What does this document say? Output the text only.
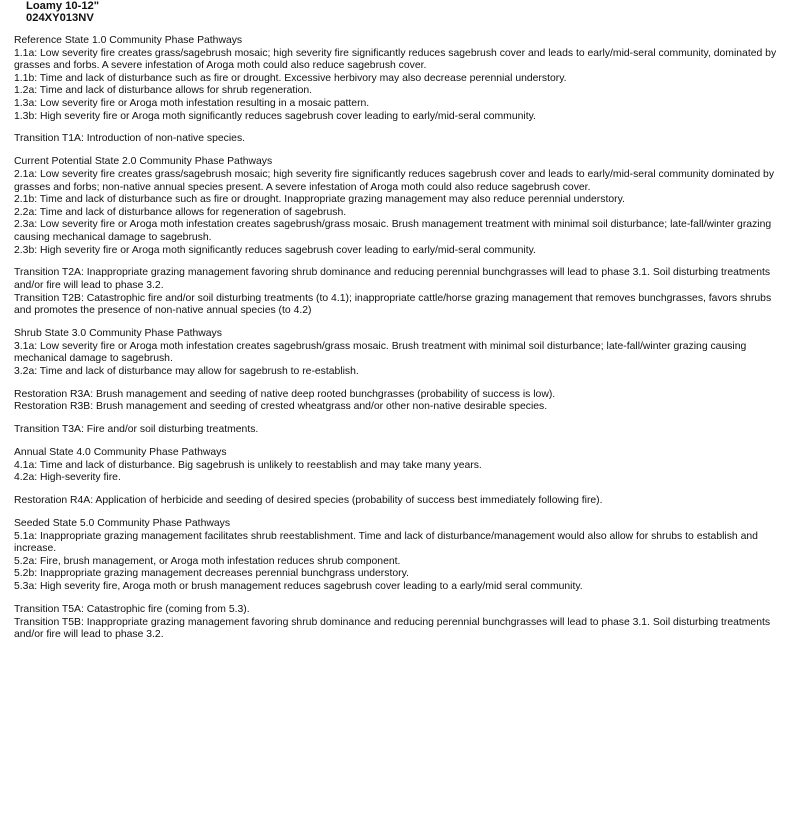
Loamy 10-12"
024XY013NV

Reference State 1.0 Community Phase Pathways

1.1a: Low severity fire creates grass/sagebrush mosaic; high severity fire significantly reduces sagebrush cover and leads to early/mid-seral community, dominated by grasses and forbs. A severe infestation of Aroga moth could also reduce sagebrush cover.

1.1b: Time and lack of disturbance such as fire or drought. Excessive herbivory may also decrease perennial understory.

1.2a: Time and lack of disturbance allows for shrub regeneration.

1.3a: Low severity fire or Aroga moth infestation resulting in a mosaic pattern.

1.3b: High severity fire or Aroga moth significantly reduces sagebrush cover leading to early/mid-seral community.

Transition T1A: Introduction of non-native species.

Current Potential State 2.0 Community Phase Pathways

2.1a: Low severity fire creates grass/sagebrush mosaic; high severity fire significantly reduces sagebrush cover and leads to early/mid-seral community dominated by grasses and forbs; non-native annual species present. A severe infestation of Aroga moth could also reduce sagebrush cover.

2.1b: Time and lack of disturbance such as fire or drought. Inappropriate grazing management may also reduce perennial understory.

2.2a: Time and lack of disturbance allows for regeneration of sagebrush.

2.3a: Low severity fire or Aroga moth infestation creates sagebrush/grass mosaic. Brush management treatment with minimal soil disturbance; late-fall/winter grazing causing mechanical damage to sagebrush.

2.3b: High severity fire or Aroga moth significantly reduces sagebrush cover leading to early/mid-seral community.

Transition T2A: Inappropriate grazing management favoring shrub dominance and reducing perennial bunchgrasses will lead to phase 3.1. Soil disturbing treatments and/or fire will lead to phase 3.2.

Transition T2B: Catastrophic fire and/or soil disturbing treatments (to 4.1); inappropriate cattle/horse grazing management that removes bunchgrasses, favors shrubs and promotes the presence of non-native annual species (to 4.2)

Shrub State 3.0 Community Phase Pathways

3.1a: Low severity fire or Aroga moth infestation creates sagebrush/grass mosaic. Brush treatment with minimal soil disturbance; late-fall/winter grazing causing mechanical damage to sagebrush.

3.2a: Time and lack of disturbance may allow for sagebrush to re-establish.

Restoration R3A: Brush management and seeding of native deep rooted bunchgrasses (probability of success is low).

Restoration R3B: Brush management and seeding of crested wheatgrass and/or other non-native desirable species.

Transition T3A: Fire and/or soil disturbing treatments.

Annual State 4.0 Community Phase Pathways

4.1a: Time and lack of disturbance. Big sagebrush is unlikely to reestablish and may take many years.

4.2a: High-severity fire.

Restoration R4A: Application of herbicide and seeding of desired species (probability of success best immediately following fire).

Seeded State 5.0 Community Phase Pathways

5.1a: Inappropriate grazing management facilitates shrub reestablishment. Time and lack of disturbance/management would also allow for shrubs to establish and increase.

5.2a: Fire, brush management, or Aroga moth infestation reduces shrub component.

5.2b: Inappropriate grazing management decreases perennial bunchgrass understory.

5.3a: High severity fire, Aroga moth or brush management reduces sagebrush cover leading to a early/mid seral community.

Transition T5A: Catastrophic fire (coming from 5.3).

Transition T5B: Inappropriate grazing management favoring shrub dominance and reducing perennial bunchgrasses will lead to phase 3.1. Soil disturbing treatments and/or fire will lead to phase 3.2.
